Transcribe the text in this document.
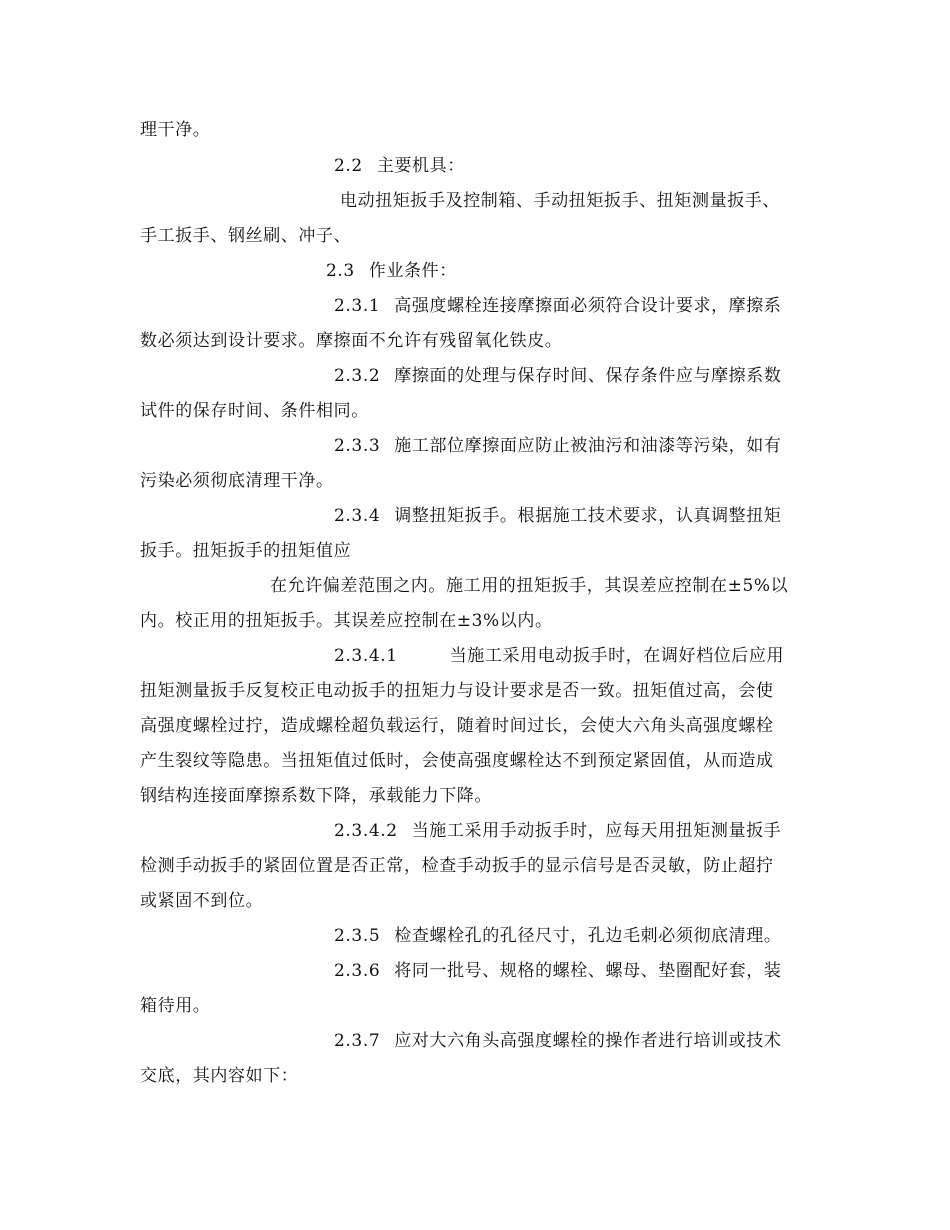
理干净。
2.2 主要机具：
电动扭矩扳手及控制箱、手动扭矩扳手、扭矩测量扳手、
手工扳手、钢丝刷、冲子、
2.3 作业条件：
2.3.1 高强度螺栓连接摩擦面必须符合设计要求，摩擦系
数必须达到设计要求。摩擦面不允许有残留氧化铁皮。
2.3.2 摩擦面的处理与保存时间、保存条件应与摩擦系数
试件的保存时间、条件相同。
2.3.3 施工部位摩擦面应防止被油污和油漆等污染，如有
污染必须彻底清理干净。
2.3.4 调整扭矩扳手。根据施工技术要求，认真调整扭矩
扳手。扭矩扳手的扭矩值应
在允许偏差范围之内。施工用的扭矩扳手，其误差应控制在±5%以
内。校正用的扭矩扳手。其误差应控制在±3%以内。
2.3.4.1	当施工采用电动扳手时，在调好档位后应用
扭矩测量扳手反复校正电动扳手的扭矩力与设计要求是否一致。扭矩值过高，会使
高强度螺栓过拧，造成螺栓超负载运行，随着时间过长，会使大六角头高强度螺栓
产生裂纹等隐患。当扭矩值过低时，会使高强度螺栓达不到预定紧固值，从而造成
钢结构连接面摩擦系数下降，承载能力下降。
2.3.4.2 当施工采用手动扳手时，应每天用扭矩测量扳手
检测手动扳手的紧固位置是否正常，检查手动扳手的显示信号是否灵敏，防止超拧
或紧固不到位。
2.3.5 检查螺栓孔的孔径尺寸，孔边毛刺必须彻底清理。
2.3.6 将同一批号、规格的螺栓、螺母、垫圈配好套，装
箱待用。
2.3.7 应对大六角头高强度螺栓的操作者进行培训或技术
交底，其内容如下：
